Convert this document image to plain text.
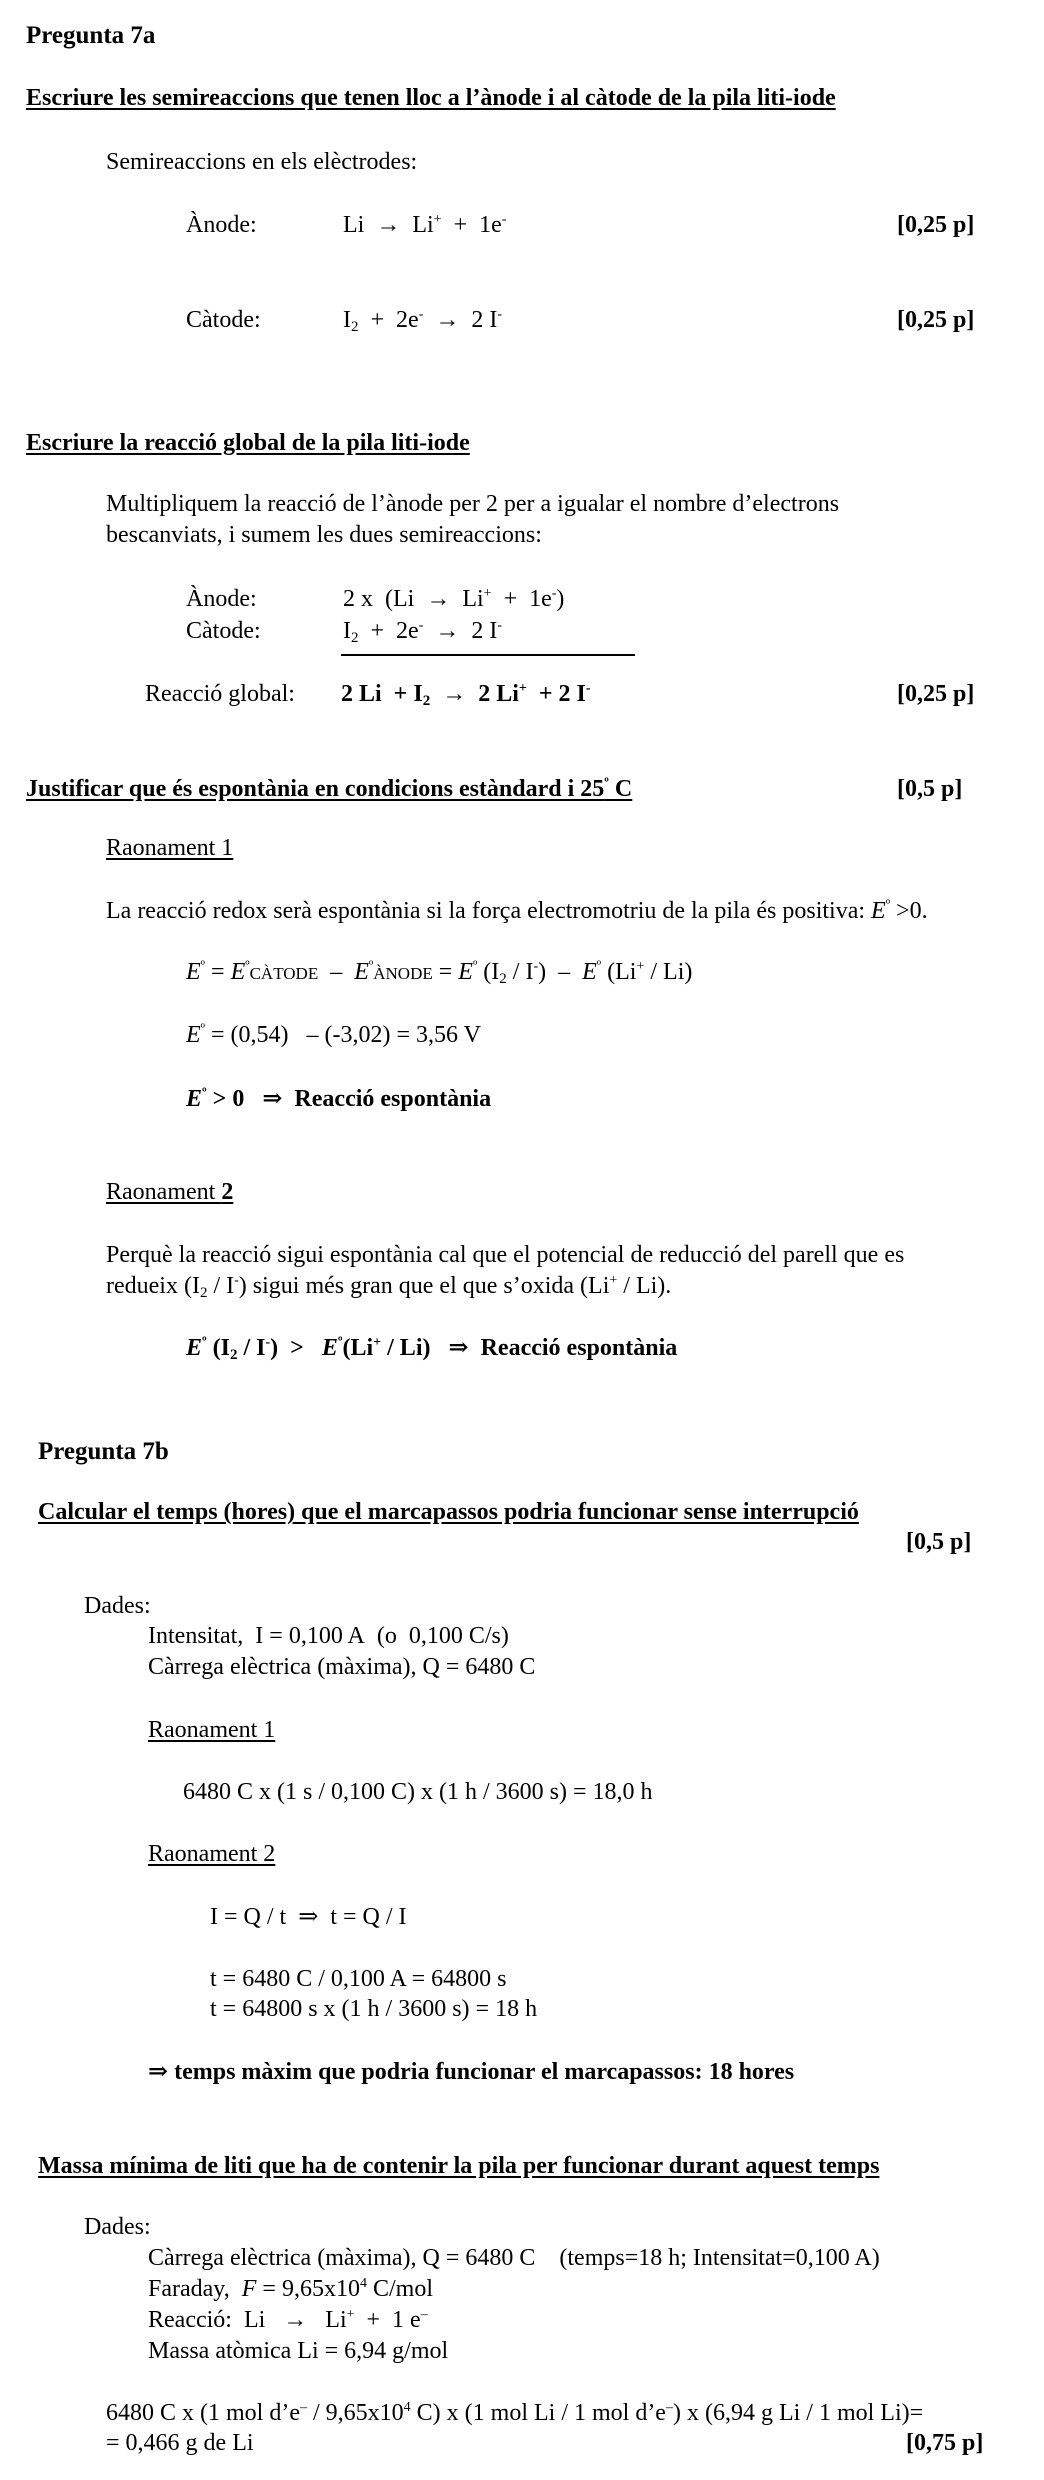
Pregunta 7a
Escriure les semireaccions que tenen lloc a l’ànode i al càtode de la pila liti-iode
Semireaccions en els elèctrodes:
Ànode:	Li  →  Li+  +  1e-	[0,25 p]
Càtode:	$I_2 + 2e^- \to 2$ I-	[0,25 p]
Escriure la reacció global de la pila liti-iode
Multipliquem la reacció de l’ànode per 2 per a igualar el nombre d’electrons
bescanviats, i sumem les dues semireaccions:
Ànode:	2 x  (Li  →  Li+  +  1e-)
Càtode:	$I_2 + 2e^- \to 2$ I-
Reacció global: 2 $Li + I_2 \to 2$ Li+  + 2 I-	[0,25 p]
Justificar que és espontània en condicions estàndard i $25^º$ C	[0,5 p]
Raonament 1
La reacció redox serà espontània si la força electromotriu de la pila és positiva: $E^º >0$.
$E^º$ = $E^ºCÀTODE$  –  $E^ºÀNODE = E^º$ $(I_2 / I^-) - E^º$ (Li+ / Li)
$E^º = (0,54) - (-3,02) = 3,56$ V
$E^º > 0$   ⇒  Reacció espontània
Raonament 2
Perquè la reacció sigui espontània cal que el potencial de reducció del parell que es
redueix $(I_2 / I^-)$ sigui més gran que el que s’oxida (Li+ / Li).
$E^º$ $(I_2 / I^-) > E^º(Li^+ / Li)$   ⇒  Reacció espontània
Pregunta 7b
Calcular el temps (hores) que el marcapassos podria funcionar sense interrupció
[0,5 p]
Dades:
Intensitat,  I = 0,100 A  (o  0,100 C/s)
Càrrega elèctrica (màxima), Q = 6480 C
Raonament 1
6480 C x (1 s / 0,100 C) x (1 h / 3600 s) = 18,0 h
Raonament 2
I = Q / t  ⇒  t = Q / I
t = 6480 C / 0,100 A = 64800 s
t = 64800 s x (1 h / 3600 s) = 18 h
⇒ temps màxim que podria funcionar el marcapassos: 18 hores
Massa mínima de liti que ha de contenir la pila per funcionar durant aquest temps
Dades:
Càrrega elèctrica (màxima), Q = 6480 C    (temps=18 h; Intensitat=0,100 A)
Faraday,  $F = 9,65x10^4$ C/mol
Reacció:  Li   →   Li+  +  1 e–
Massa atòmica Li = 6,94 g/mol
6480 C x (1 mol d’e– / $9,65x10^4$ C) x (1 mol Li / 1 mol d’e–) x (6,94 g Li / 1 mol Li)=
= 0,466 g de Li	[0,75 p]
